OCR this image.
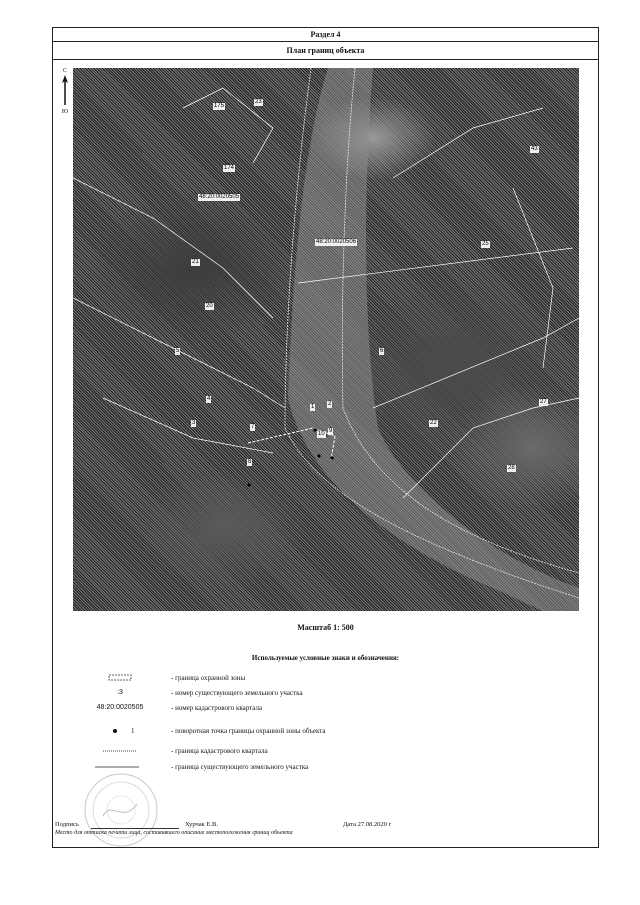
Раздел 4
План границ объекта
С
Ю
175
23
174
48:20:0020505
48:20:0020506
21
20
5
4
3
7
8
2
1
9
10
6
22
27
28
25
43
Масштаб 1: 500
Используемые условные знаки и обозначения:
- граница охранной зоны
:3	- номер существующего земельного участка
48:20:0020505	- номер кадастрового квартала
1	- поворотная точка границы охранной зоны объекта
- граница кадастрового квартала
- граница существующего земельного участка
Подпись	Хурчак Е.В.	Дата 27.08.2020 г
Место для оттиска печати лица, составившего описание местоположения границ объекта
